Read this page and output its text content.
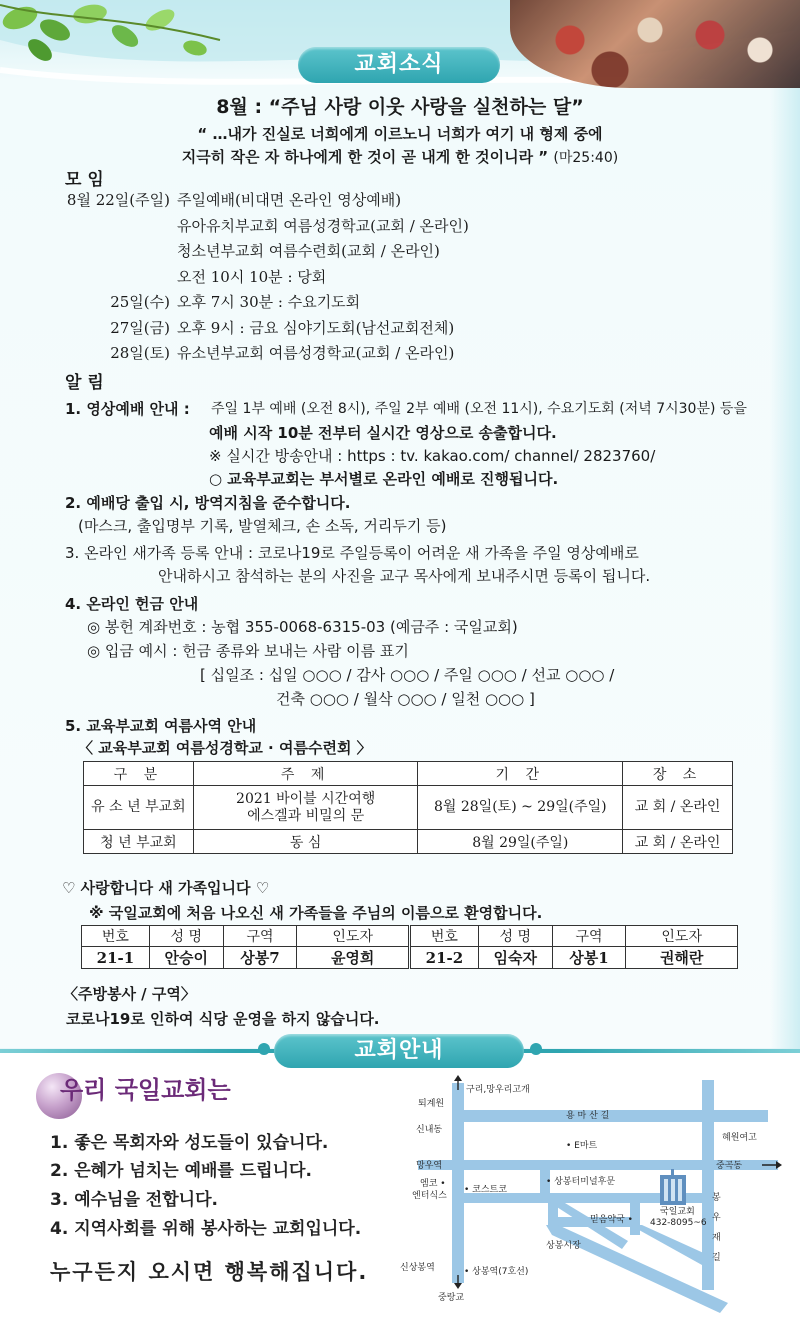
교회소식
8월 : “주님 사랑 이웃 사랑을 실천하는 달”
“ …내가 진실로 너희에게 이르노니 너희가 여기 내 형제 중에
지극히 작은 자 하나에게 한 것이 곧 내게 한 것이니라 ” (마25:40)
모 임
8월 22일(주일) 주일예배(비대면 온라인 영상예배)
유아유치부교회 여름성경학교(교회 / 온라인)
청소년부교회 여름수련회(교회 / 온라인)
오전 10시 10분 : 당회
25일(수) 오후 7시 30분 : 수요기도회
27일(금) 오후 9시 : 금요 심야기도회(남선교회전체)
28일(토) 유소년부교회 여름성경학교(교회 / 온라인)
알 림
1. 영상예배 안내 : 주일 1부 예배 (오전 8시), 주일 2부 예배 (오전 11시), 수요기도회 (저녁 7시30분) 등을
예배 시작 10분 전부터 실시간 영상으로 송출합니다.
※ 실시간 방송안내 : https : tv. kakao.com/ channel/ 2823760/
○ 교육부교회는 부서별로 온라인 예배로 진행됩니다.
2. 예배당 출입 시, 방역지침을 준수합니다.
(마스크, 출입명부 기록, 발열체크, 손 소독, 거리두기 등)
3. 온라인 새가족 등록 안내 : 코로나19로 주일등록이 어려운 새 가족을 주일 영상예배로
안내하시고 참석하는 분의 사진을 교구 목사에게 보내주시면 등록이 됩니다.
4. 온라인 헌금 안내
◎ 봉헌 계좌번호 : 농협 355-0068-6315-03 (예금주 : 국일교회)
◎ 입금 예시 : 헌금 종류와 보내는 사람 이름 표기
[ 십일조 : 십일 ○○○ / 감사 ○○○ / 주일 ○○○ / 선교 ○○○ /
건축 ○○○ / 월삭 ○○○ / 일천 ○○○ ]
5. 교육부교회 여름사역 안내
〈 교육부교회 여름성경학교 · 여름수련회 〉
구 분	주 제	기 간	장 소
유 소 년 부교회	2021 바이블 시간여행
에스겔과 비밀의 문	8월 28일(토) ~ 29일(주일)	교 회 / 온라인
청 년 부교회	동 심	8월 29일(주일)	교 회 / 온라인
♡ 사랑합니다 새 가족입니다 ♡
※ 국일교회에 처음 나오신 새 가족들을 주님의 이름으로 환영합니다.
번호	성 명	구역	인도자
21-1	안승이	상봉7	윤영희
번호	성 명	구역	인도자
21-2	임숙자	상봉1	권해란
〈주방봉사 / 구역〉
코로나19로 인하여 식당 운영을 하지 않습니다.
교회안내
우리 국일교회는
1. 좋은 목회자와 성도들이 있습니다.
2. 은혜가 넘치는 예배를 드립니다.
3. 예수님을 전합니다.
4. 지역사회를 위해 봉사하는 교회입니다.
누구든지 오시면 행복해집니다.
구리,망우리고개
퇴계원
용 마 산 길
신내동
• E마트
혜원여고
망우역	중곡동
엠코 •
엔터식스
• 코스트코
• 상봉터미널후문
국일교회
432-8095~6
믿음약국 •
봉
우
재
길
상봉시장
신상봉역	• 상봉역(7호선)
중랑교
